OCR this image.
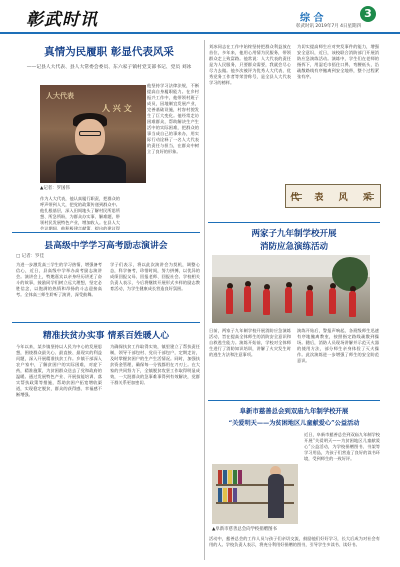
彰武时讯	综 合	3
彰武时讯 2019年7月 4日星期四
真情为民履职 彰显代表风采
——记县人大代表、县人大常委会委员、东六家子镇村党支部书记、党员 刘冰
人大代表
人 兴 文
▲记者：罗国伟
作为人大代表，他认真履行职责，把群众的呼声带到人大，把党的政策传递到群众中。他扎根基层，深入田间地头了解村民所思所想、所急所盼，为群众办实事、解难题，带领村民发展特色产业，增加收入。在县人大会议期间，他积极建言献策，提出的建议得
他坚持学习法律法规，不断提高自身履职能力。在乡村振兴工作中，他带领村班子成员，因地制宜发展产业，完善基础设施，村容村貌发生了巨大变化。他经常走访困难群众，帮助解决生产生活中的实际困难，把群众的事当成自己的事来办，用实际行动诠释了一名人大代表的责任与担当，在群众中树立了良好的形象。
刘冰同志在工作中始终坚持把群众利益放在首位，多年来，他用心用情为民服务，带领群众走上致富路。他常说：人大代表的责任是为人民服务，只要群众需要，我就会尽心尽力去做。他多次被评为优秀人大代表、优秀党务工作者等荣誉称号，是全县人大代表学习的榜样。
为切实提高师生应对突发事件的能力，增强安全意识，近日，该校联合消防部门开展消防应急演练活动。演练中，学生们在老师的指挥下，用湿毛巾捂住口鼻，弯腰低头，沿疏散路线有序撤离到安全地带，整个过程紧张有序。
代 表 风 采
两家子九年制学校开展
消防应急演练活动
日前，两家子九年制学校开展消防应急演练活动，旨在提高全体师生的消防安全意识和自救逃生能力。演练开始前，学校对全体师生进行了消防知识培训，讲解了火灾发生时的逃生方法和注意事项。
演练开始后，警报声响起，各班级师生迅速有序地撤离教室，按照指定路线疏散到操场。随后，消防人员现场讲解并示范灭火器的使用方法，部分师生亲身体验了灭火操作。此次演练进一步增强了师生的安全防范意识。
阜新市慈善总会到双庙九年制学校开展
“关爱明天——为贫困地区儿童献爱心”公益活动
近日，阜新市慈善总会到双庙九年制学校开展“关爱明天——为贫困地区儿童献爱心”公益活动，为学校捐赠图书、书架等学习用品，为孩子们营造了良好的读书环境，受到师生的一致好评。
▲阜新市慈善总会向学校捐赠图书
活动中，慈善总会的工作人员与孩子们亲切交流，鼓励他们好好学习，长大后成为对社会有用的人。学校负责人表示，将充分利用好捐赠的图书，引导学生多读书、读好书。
县高级中学学习高考励志演讲会
□ 记者：罗佳
为进一步激发高三学生的学习热情，增强备考信心，近日，县高级中学举办高考励志演讲会。演讲会上，特邀嘉宾以亲身经历讲述了奋斗的故事，鼓励同学们树立远大理想，坚定必胜信念，以饱满的热情和昂扬的斗志迎接高考。全体高三师生聆听了演讲，深受鼓舞。
学子们表示，将以此次演讲会为契机，调整心态，科学备考，珍惜时间，努力拼搏，以优异的成绩回报父母、回报老师、回报社会。学校相关负责人表示，今后将继续开展形式多样的励志教育活动，为学生健康成长营造良好氛围。
精准扶贫办实事 情系百姓暖人心
今年以来，某乡镇坚持以人民为中心的发展思想，围绕群众最关心、最直接、最现实的利益问题，深入开展精准扶贫工作。乡镇干部深入农户家中，了解贫困户的实际困难，对症下药，精准施策，为贫困群众送去了党和政府的温暖。通过发展特色产业、开展技能培训、落实帮扶政策等措施，帮助贫困户拓宽增收渠道，实现稳定脱贫，群众的获得感、幸福感不断增强。
为确保扶贫工作取得实效，镇里建立了帮扶责任制，领导干部包村、党员干部包户，定期走访，及时掌握贫困户的生产生活情况。同时，加强扶贫资金管理，确保每一分钱都用在刀刃上。在大家的共同努力下，全镇脱贫攻坚工作取得明显成效，一大批群众的急事难事得到有效解决，党群干群关系更加密切。
